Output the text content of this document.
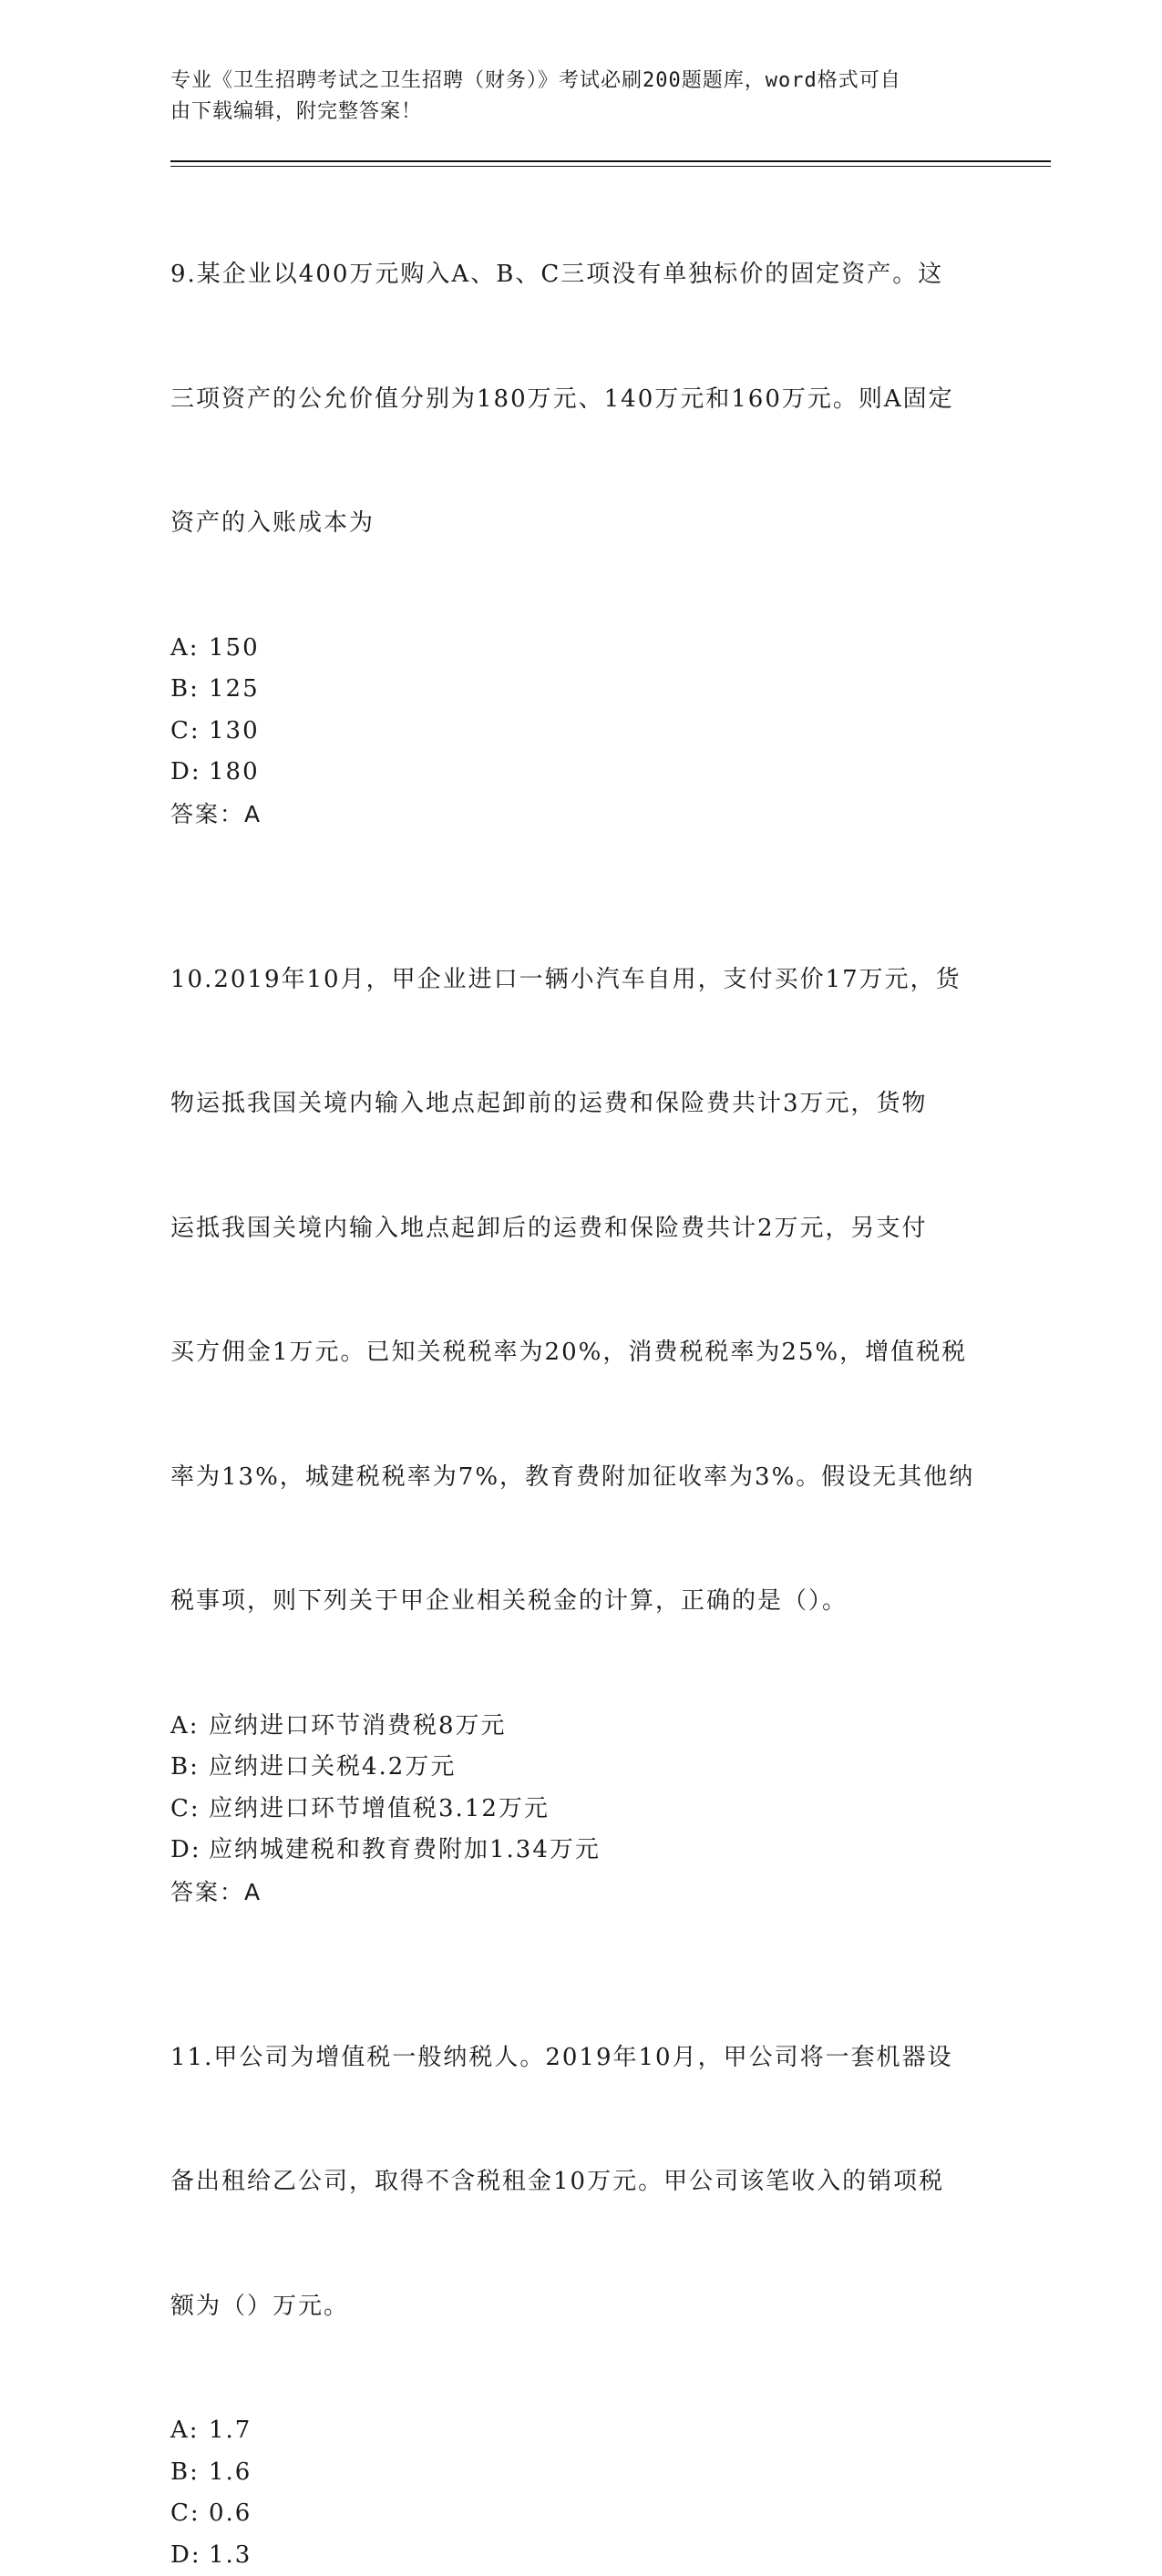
专业《卫生招聘考试之卫生招聘（财务）》考试必刷200题题库，word格式可自
由下载编辑，附完整答案！

9.某企业以400万元购入A、B、C三项没有单独标价的固定资产。这

三项资产的公允价值分别为180万元、140万元和160万元。则A固定

资产的入账成本为

A: 150
B: 125
C: 130
D: 180
答案：A

10.2019年10月，甲企业进口一辆小汽车自用，支付买价17万元，货

物运抵我国关境内输入地点起卸前的运费和保险费共计3万元，货物

运抵我国关境内输入地点起卸后的运费和保险费共计2万元，另支付

买方佣金1万元。已知关税税率为20%，消费税税率为25%，增值税税

率为13%，城建税税率为7%，教育费附加征收率为3%。假设无其他纳

税事项，则下列关于甲企业相关税金的计算，正确的是（）。

A: 应纳进口环节消费税8万元
B: 应纳进口关税4.2万元
C: 应纳进口环节增值税3.12万元
D: 应纳城建税和教育费附加1.34万元
答案：A

11.甲公司为增值税一般纳税人。2019年10月，甲公司将一套机器设

备出租给乙公司，取得不含税租金10万元。甲公司该笔收入的销项税

额为（）万元。

A: 1.7
B: 1.6
C: 0.6
D: 1.3
